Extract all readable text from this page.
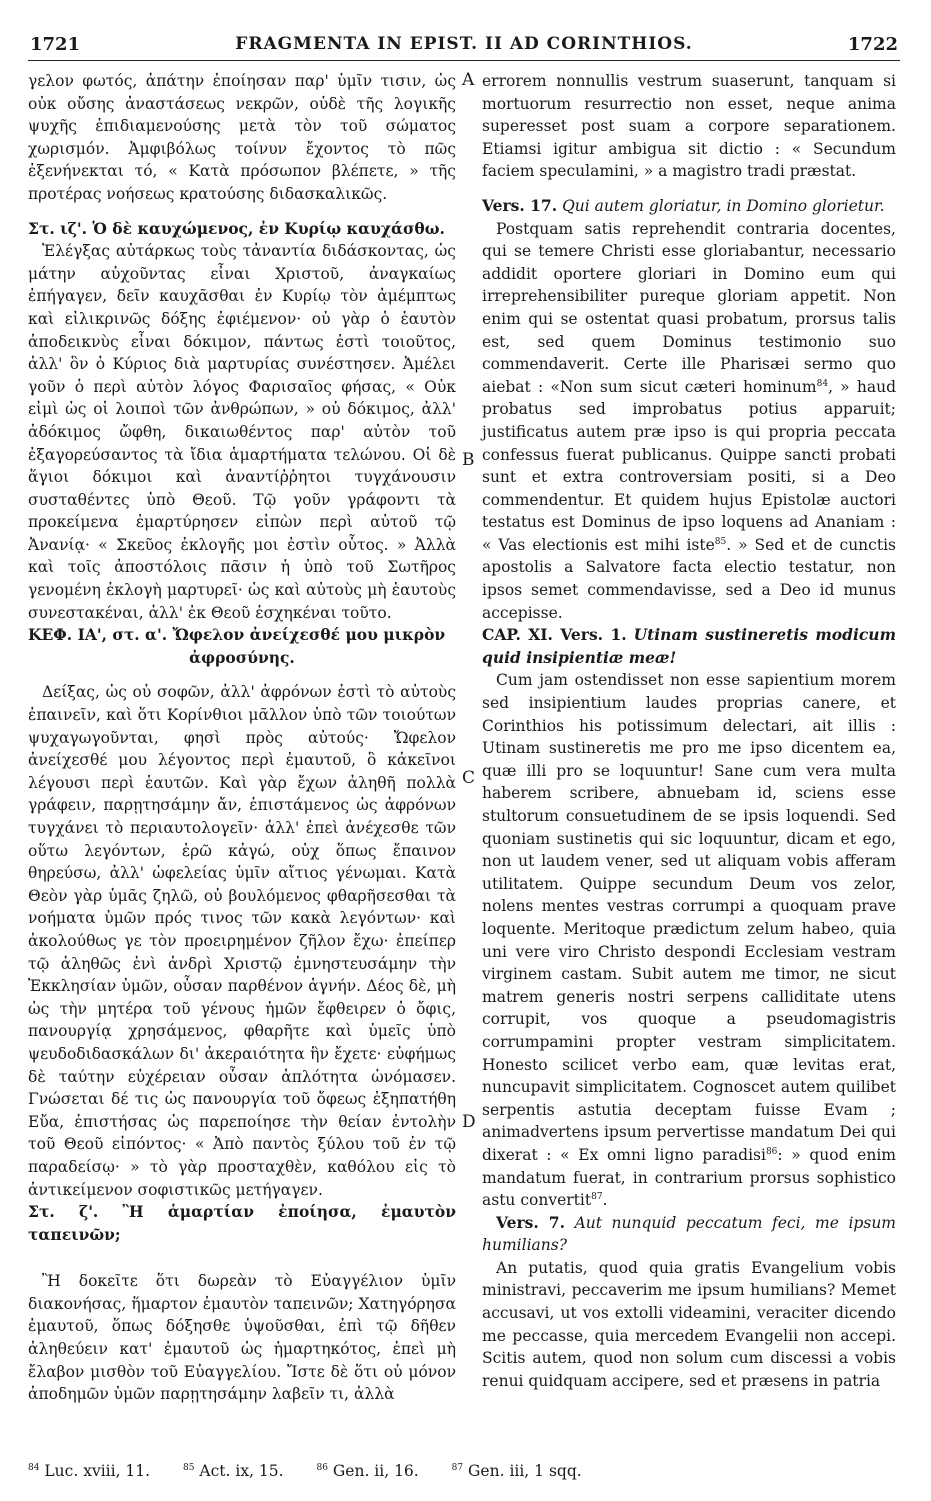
1721	FRAGMENTA IN EPIST. II AD CORINTHIOS.	1722

γελον φωτός, ἀπάτην ἐποίησαν παρ' ὑμῖν τισιν, ὡς οὐκ οὔσης ἀναστάσεως νεκρῶν, οὐδὲ τῆς λογικῆς ψυχῆς ἐπιδιαμενούσης μετὰ τὸν τοῦ σώματος χωρισμόν. Ἀμφιβόλως τοίνυν ἔχοντος τὸ πῶς ἐξενήνεκται τό, « Κατὰ πρόσωπον βλέπετε, » τῆς προτέρας νοήσεως κρατούσης διδασκαλικῶς.

Στ. ιζ'. Ὁ δὲ καυχώμενος, ἐν Κυρίῳ καυχάσθω.

Ἐλέγξας αὐτάρκως τοὺς τἀναντία διδάσκοντας, ὡς μάτην αὐχοῦντας εἶναι Χριστοῦ, ἀναγκαίως ἐπήγαγεν, δεῖν καυχᾶσθαι ἐν Κυρίῳ τὸν ἀμέμπτως καὶ εἰλικρινῶς δόξης ἐφιέμενον· οὐ γὰρ ὁ ἑαυτὸν ἀποδεικνὺς εἶναι δόκιμον, πάντως ἐστὶ τοιοῦτος, ἀλλ' ὃν ὁ Κύριος διὰ μαρτυρίας συνέστησεν. Ἀμέλει γοῦν ὁ περὶ αὐτὸν λόγος Φαρισαῖος φήσας, « Οὐκ εἰμὶ ὡς οἱ λοιποὶ τῶν ἀνθρώπων, » οὐ δόκιμος, ἀλλ' ἀδόκιμος ὤφθη, δικαιωθέντος παρ' αὐτὸν τοῦ ἐξαγορεύσαντος τὰ ἴδια ἁμαρτήματα τελώνου. Οἱ δὲ ἅγιοι δόκιμοι καὶ ἀναντίῤῥητοι τυγχάνουσιν συσταθέντες ὑπὸ Θεοῦ. Τῷ γοῦν γράφοντι τὰ προκείμενα ἐμαρτύρησεν εἰπὼν περὶ αὐτοῦ τῷ Ἀνανίᾳ· « Σκεῦος ἐκλογῆς μοι ἐστὶν οὗτος. » Ἀλλὰ καὶ τοῖς ἀποστόλοις πᾶσιν ἡ ὑπὸ τοῦ Σωτῆρος γενομένη ἐκλογὴ μαρτυρεῖ· ὡς καὶ αὐτοὺς μὴ ἑαυτοὺς συνεστακέναι, ἀλλ' ἐκ Θεοῦ ἐσχηκέναι τοῦτο.

ΚΕΦ. ΙΑ', στ. α'. Ὤφελον ἀνείχεσθέ μου μικρὸν

ἀφροσύνης.

Δείξας, ὡς οὐ σοφῶν, ἀλλ' ἀφρόνων ἐστὶ τὸ αὐτοὺς ἐπαινεῖν, καὶ ὅτι Κορίνθιοι μᾶλλον ὑπὸ τῶν τοιούτων ψυχαγωγοῦνται, φησὶ πρὸς αὐτούς· Ὤφελον ἀνείχεσθέ μου λέγοντος περὶ ἐμαυτοῦ, ὃ κἀκεῖνοι λέγουσι περὶ ἑαυτῶν. Καὶ γὰρ ἔχων ἀληθῆ πολλὰ γράφειν, παρῃτησάμην ἄν, ἐπιστάμενος ὡς ἀφρόνων τυγχάνει τὸ περιαυτολογεῖν· ἀλλ' ἐπεὶ ἀνέχεσθε τῶν οὕτω λεγόντων, ἐρῶ κἀγώ, οὐχ ὅπως ἔπαινον θηρεύσω, ἀλλ' ὠφελείας ὑμῖν αἴτιος γένωμαι. Κατὰ Θεὸν γὰρ ὑμᾶς ζηλῶ, οὐ βουλόμενος φθαρῆσεσθαι τὰ νοήματα ὑμῶν πρός τινος τῶν κακὰ λεγόντων· καὶ ἀκολούθως γε τὸν προειρημένον ζῆλον ἔχω· ἐπείπερ τῷ ἀληθῶς ἑνὶ ἀνδρὶ Χριστῷ ἐμνηστευσάμην τὴν Ἐκκλησίαν ὑμῶν, οὖσαν παρθένον ἁγνήν. Δέος δὲ, μὴ ὡς τὴν μητέρα τοῦ γένους ἡμῶν ἔφθειρεν ὁ ὄφις, πανουργίᾳ χρησάμενος, φθαρῆτε καὶ ὑμεῖς ὑπὸ ψευδοδιδασκάλων δι' ἀκεραιότητα ἣν ἔχετε· εὐφήμως δὲ ταύτην εὐχέρειαν οὖσαν ἁπλότητα ὠνόμασεν. Γνώσεται δέ τις ὡς πανουργία τοῦ ὄφεως ἐξηπατήθη Εὔα, ἐπιστήσας ὡς παρεποίησε τὴν θείαν ἐντολὴν τοῦ Θεοῦ εἰπόντος· « Ἀπὸ παντὸς ξύλου τοῦ ἐν τῷ παραδείσῳ· » τὸ γὰρ προσταχθὲν, καθόλου εἰς τὸ ἀντικείμενον σοφιστικῶς μετήγαγεν.

Στ. ζ'. Ἢ ἁμαρτίαν ἐποίησα, ἐμαυτὸν ταπεινῶν;

Ἢ δοκεῖτε ὅτι δωρεὰν τὸ Εὐαγγέλιον ὑμῖν διακονήσας, ἥμαρτον ἐμαυτὸν ταπεινῶν; Χατηγόρησα ἐμαυτοῦ, ὅπως δόξησθε ὑψοῦσθαι, ἐπὶ τῷ δῆθεν ἀληθεύειν κατ' ἐμαυτοῦ ὡς ἡμαρτηκότος, ἐπεὶ μὴ ἔλαβον μισθὸν τοῦ Εὐαγγελίου. Ἴστε δὲ ὅτι οὐ μόνον ἀποδημῶν ὑμῶν παρῃτησάμην λαβεῖν τι, ἀλλὰ

A
B
C
D

errorem nonnullis vestrum suaserunt, tanquam si mortuorum resurrectio non esset, neque anima superesset post suam a corpore separationem. Etiamsi igitur ambigua sit dictio : « Secundum faciem speculamini, » a magistro tradi præstat.

Vers. 17. Qui autem gloriatur, in Domino glorietur.

Postquam satis reprehendit contraria docentes, qui se temere Christi esse gloriabantur, necessario addidit oportere gloriari in Domino eum qui irreprehensibiliter pureque gloriam appetit. Non enim qui se ostentat quasi probatum, prorsus talis est, sed quem Dominus testimonio suo commendaverit. Certe ille Pharisæi sermo quo aiebat : «Non sum sicut cæteri hominum$^{84}$, » haud probatus sed improbatus potius apparuit; justificatus autem præ ipso is qui propria peccata confessus fuerat publicanus. Quippe sancti probati sunt et extra controversiam positi, si a Deo commendentur. Et quidem hujus Epistolæ auctori testatus est Dominus de ipso loquens ad Ananiam : « Vas electionis est mihi iste$^{85}$. » Sed et de cunctis apostolis a Salvatore facta electio testatur, non ipsos semet commendavisse, sed a Deo id munus accepisse.

CAP. XI. Vers. 1. Utinam sustineretis modicum quid insipientiæ meæ!

Cum jam ostendisset non esse sapientium morem sed insipientium laudes proprias canere, et Corinthios his potissimum delectari, ait illis : Utinam sustineretis me pro me ipso dicentem ea, quæ illi pro se loquuntur! Sane cum vera multa haberem scribere, abnuebam id, sciens esse stultorum consuetudinem de se ipsis loquendi. Sed quoniam sustinetis qui sic loquuntur, dicam et ego, non ut laudem vener, sed ut aliquam vobis afferam utilitatem. Quippe secundum Deum vos zelor, nolens mentes vestras corrumpi a quoquam prave loquente. Meritoque prædictum zelum habeo, quia uni vere viro Christo despondi Ecclesiam vestram virginem castam. Subit autem me timor, ne sicut matrem generis nostri serpens calliditate utens corrupit, vos quoque a pseudomagistris corrumpamini propter vestram simplicitatem. Honesto scilicet verbo eam, quæ levitas erat, nuncupavit simplicitatem. Cognoscet autem quilibet serpentis astutia deceptam fuisse Evam ; animadvertens ipsum pervertisse mandatum Dei qui dixerat : « Ex omni ligno paradisi$^{86}$: » quod enim mandatum fuerat, in contrarium prorsus sophistico astu convertit$^{87}$.

Vers. 7. Aut nunquid peccatum feci, me ipsum humilians?

An putatis, quod quia gratis Evangelium vobis ministravi, peccaverim me ipsum humilians? Memet accusavi, ut vos extolli videamini, veraciter dicendo me peccasse, quia mercedem Evangelii non accepi. Scitis autem, quod non solum cum discessi a vobis renui quidquam accipere, sed et præsens in patria

$^{84}$ Luc. xviii, 11.	$^{85}$ Act. ix, 15.	$^{86}$ Gen. ii, 16.	$^{87}$ Gen. iii, 1 sqq.
